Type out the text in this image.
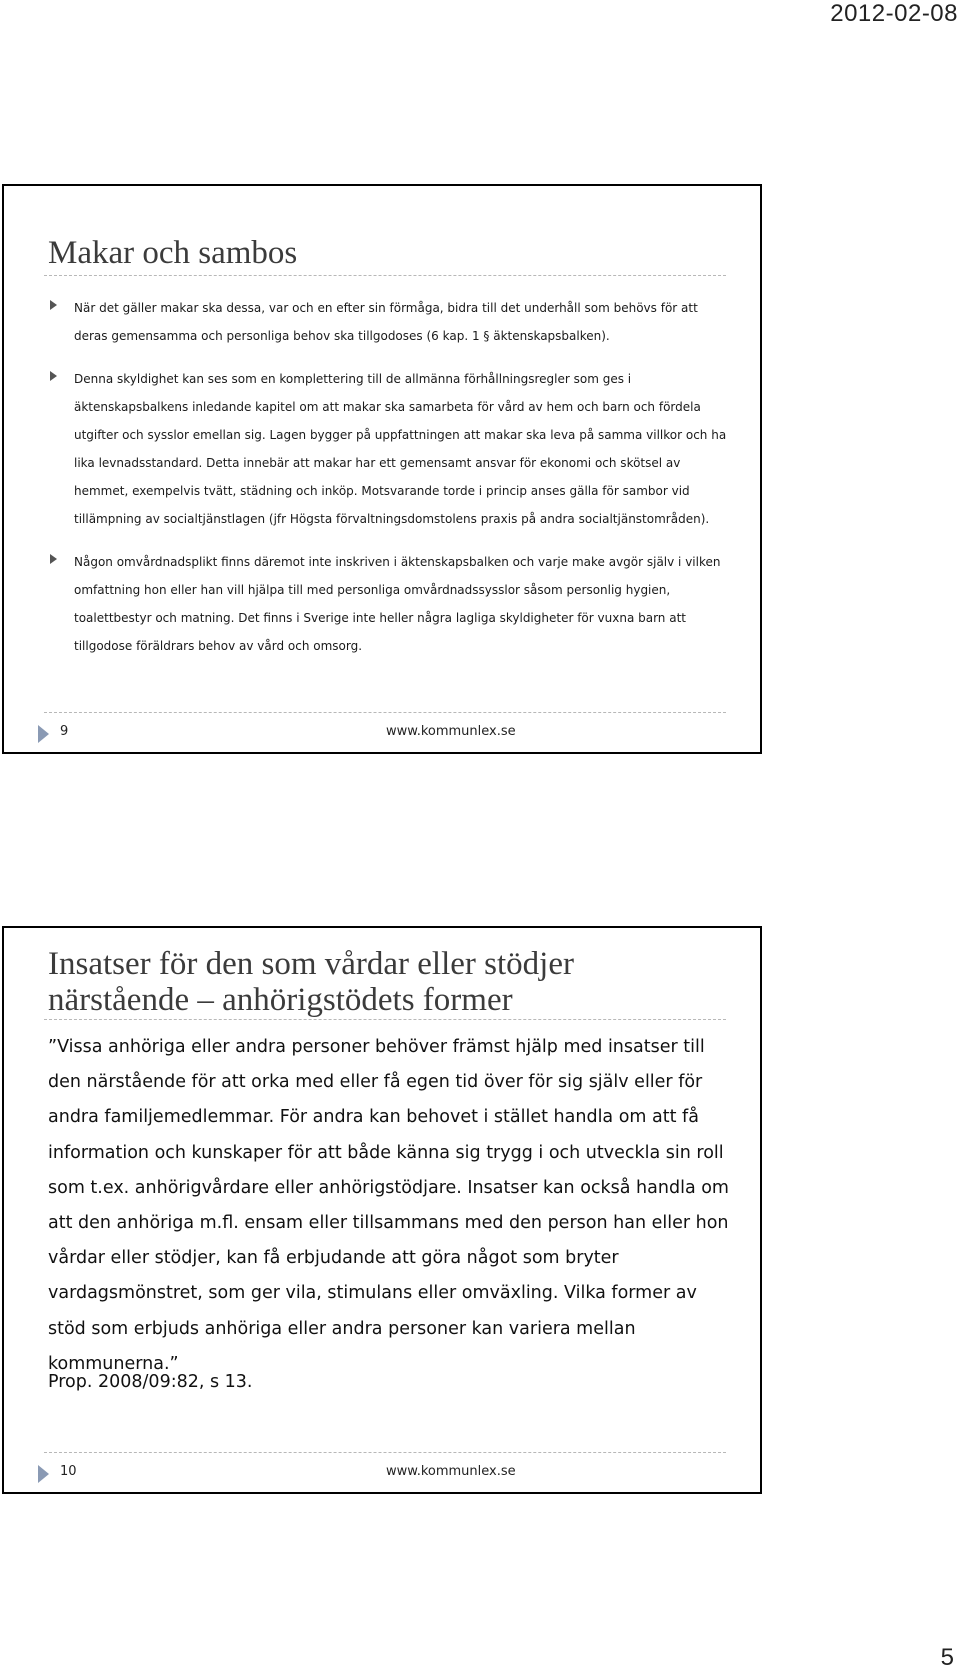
2012-02-08
Makar och sambos
När det gäller makar ska dessa, var och en efter sin förmåga, bidra till det underhåll som behövs för att deras gemensamma och personliga behov ska tillgodoses (6 kap. 1 § äktenskapsbalken).
Denna skyldighet kan ses som en komplettering till de allmänna förhållningsregler som ges i äktenskapsbalkens inledande kapitel om att makar ska samarbeta för vård av hem och barn och fördela utgifter och sysslor emellan sig. Lagen bygger på uppfattningen att makar ska leva på samma villkor och ha lika levnadsstandard. Detta innebär att makar har ett gemensamt ansvar för ekonomi och skötsel av hemmet, exempelvis tvätt, städning och inköp. Motsvarande torde i princip anses gälla för sambor vid tillämpning av socialtjänstlagen (jfr Högsta förvaltningsdomstolens praxis på andra socialtjänstområden).
Någon omvårdnadsplikt finns däremot inte inskriven i äktenskapsbalken och varje make avgör själv i vilken omfattning hon eller han vill hjälpa till med personliga omvårdnadssysslor såsom personlig hygien, toalettbestyr och matning. Det finns i Sverige inte heller några lagliga skyldigheter för vuxna barn att tillgodose föräldrars behov av vård och omsorg.
9	www.kommunlex.se
Insatser för den som vårdar eller stödjer
närstående – anhörigstödets former
”Vissa anhöriga eller andra personer behöver främst hjälp med insatser till den närstående för att orka med eller få egen tid över för sig själv eller för andra familjemedlemmar. För andra kan behovet i stället handla om att få information och kunskaper för att både känna sig trygg i och utveckla sin roll som t.ex. anhörigvårdare eller anhörigstödjare. Insatser kan också handla om att den anhöriga m.fl. ensam eller tillsammans med den person han eller hon vårdar eller stödjer, kan få erbjudande att göra något som bryter vardagsmönstret, som ger vila, stimulans eller omväxling. Vilka former av stöd som erbjuds anhöriga eller andra personer kan variera mellan kommunerna.”
Prop. 2008/09:82, s 13.
10	www.kommunlex.se
5
